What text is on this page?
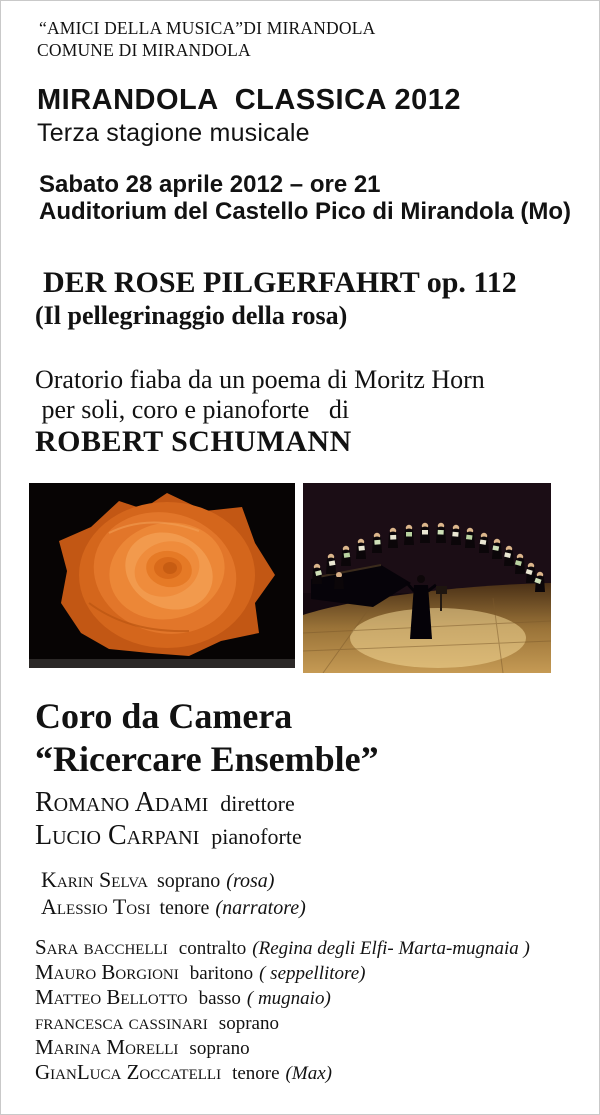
“AMICI DELLA MUSICA”DI MIRANDOLA
COMUNE DI MIRANDOLA
MIRANDOLA  CLASSICA 2012
Terza stagione musicale
Sabato 28 aprile 2012 – ore 21
Auditorium del Castello Pico di Mirandola (Mo)
DER ROSE PILGERFAHRT op. 112
(Il pellegrinaggio della rosa)
Oratorio fiaba da un poema di Moritz Horn
per soli, coro e pianoforte   di
ROBERT SCHUMANN
Coro da Camera
“Ricercare Ensemble”
Romano Adami direttore
Lucio Carpani pianoforte
Karin Selva soprano (rosa)
Alessio Tosi tenore (narratore)
Sara bacchelli contralto (Regina degli Elfi- Marta-mugnaia )
Mauro Borgioni baritono ( seppellitore)
Matteo Bellotto basso ( mugnaio)
francesca cassinari soprano
Marina Morelli soprano
GianLuca Zoccatelli tenore (Max)
